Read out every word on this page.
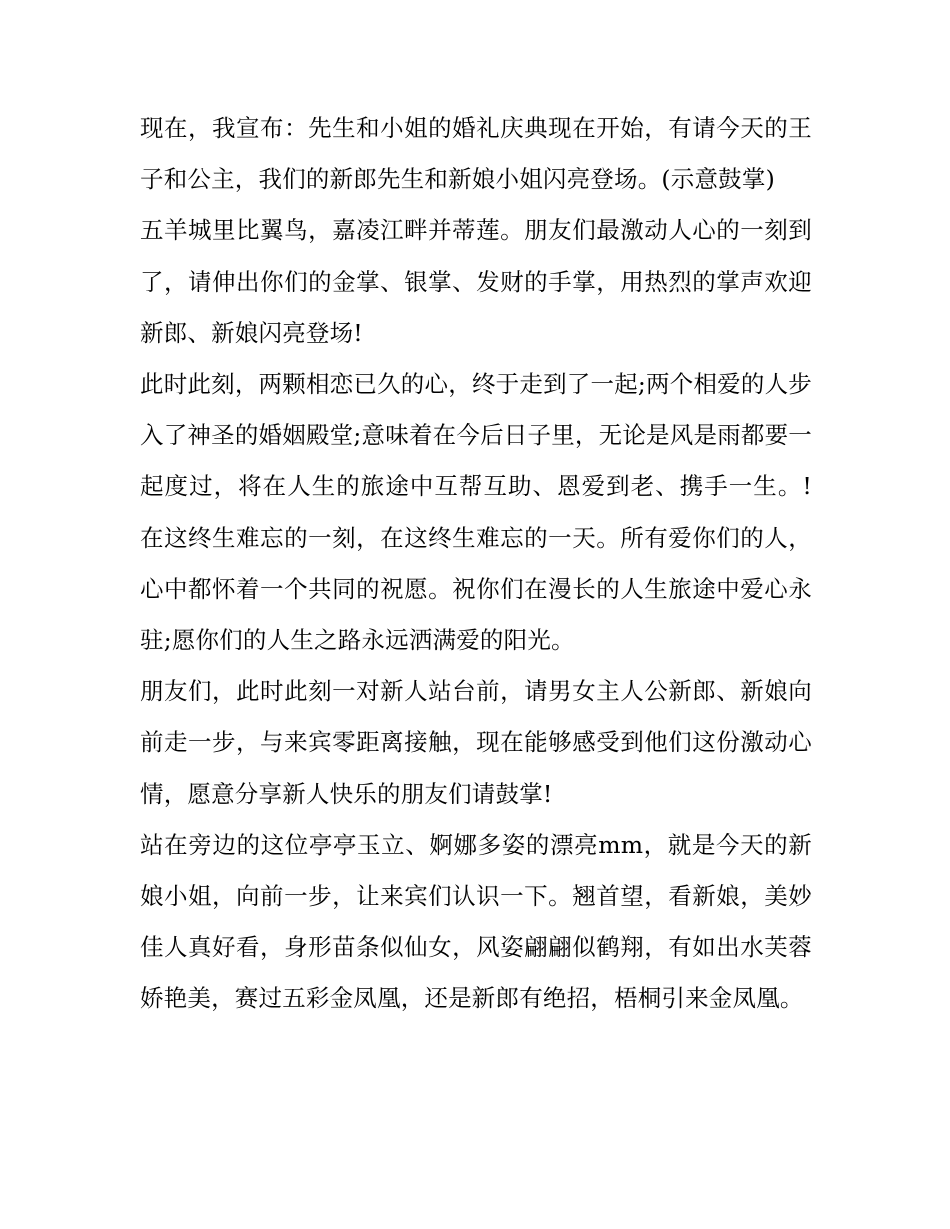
现在，我宣布：先生和小姐的婚礼庆典现在开始，有请今天的王子和公主，我们的新郎先生和新娘小姐闪亮登场。(示意鼓掌)

五羊城里比翼鸟，嘉凌江畔并蒂莲。朋友们最激动人心的一刻到了，请伸出你们的金掌、银掌、发财的手掌，用热烈的掌声欢迎新郎、新娘闪亮登场!

此时此刻，两颗相恋已久的心，终于走到了一起;两个相爱的人步入了神圣的婚姻殿堂;意味着在今后日子里，无论是风是雨都要一起度过，将在人生的旅途中互帮互助、恩爱到老、携手一生。!在这终生难忘的一刻，在这终生难忘的一天。所有爱你们的人，心中都怀着一个共同的祝愿。祝你们在漫长的人生旅途中爱心永驻;愿你们的人生之路永远洒满爱的阳光。

朋友们，此时此刻一对新人站台前，请男女主人公新郎、新娘向前走一步，与来宾零距离接触，现在能够感受到他们这份激动心情，愿意分享新人快乐的朋友们请鼓掌!

站在旁边的这位亭亭玉立、婀娜多姿的漂亮mm，就是今天的新娘小姐，向前一步，让来宾们认识一下。翘首望，看新娘，美妙佳人真好看，身形苗条似仙女，风姿翩翩似鹤翔，有如出水芙蓉娇艳美，赛过五彩金凤凰，还是新郎有绝招，梧桐引来金凤凰。
